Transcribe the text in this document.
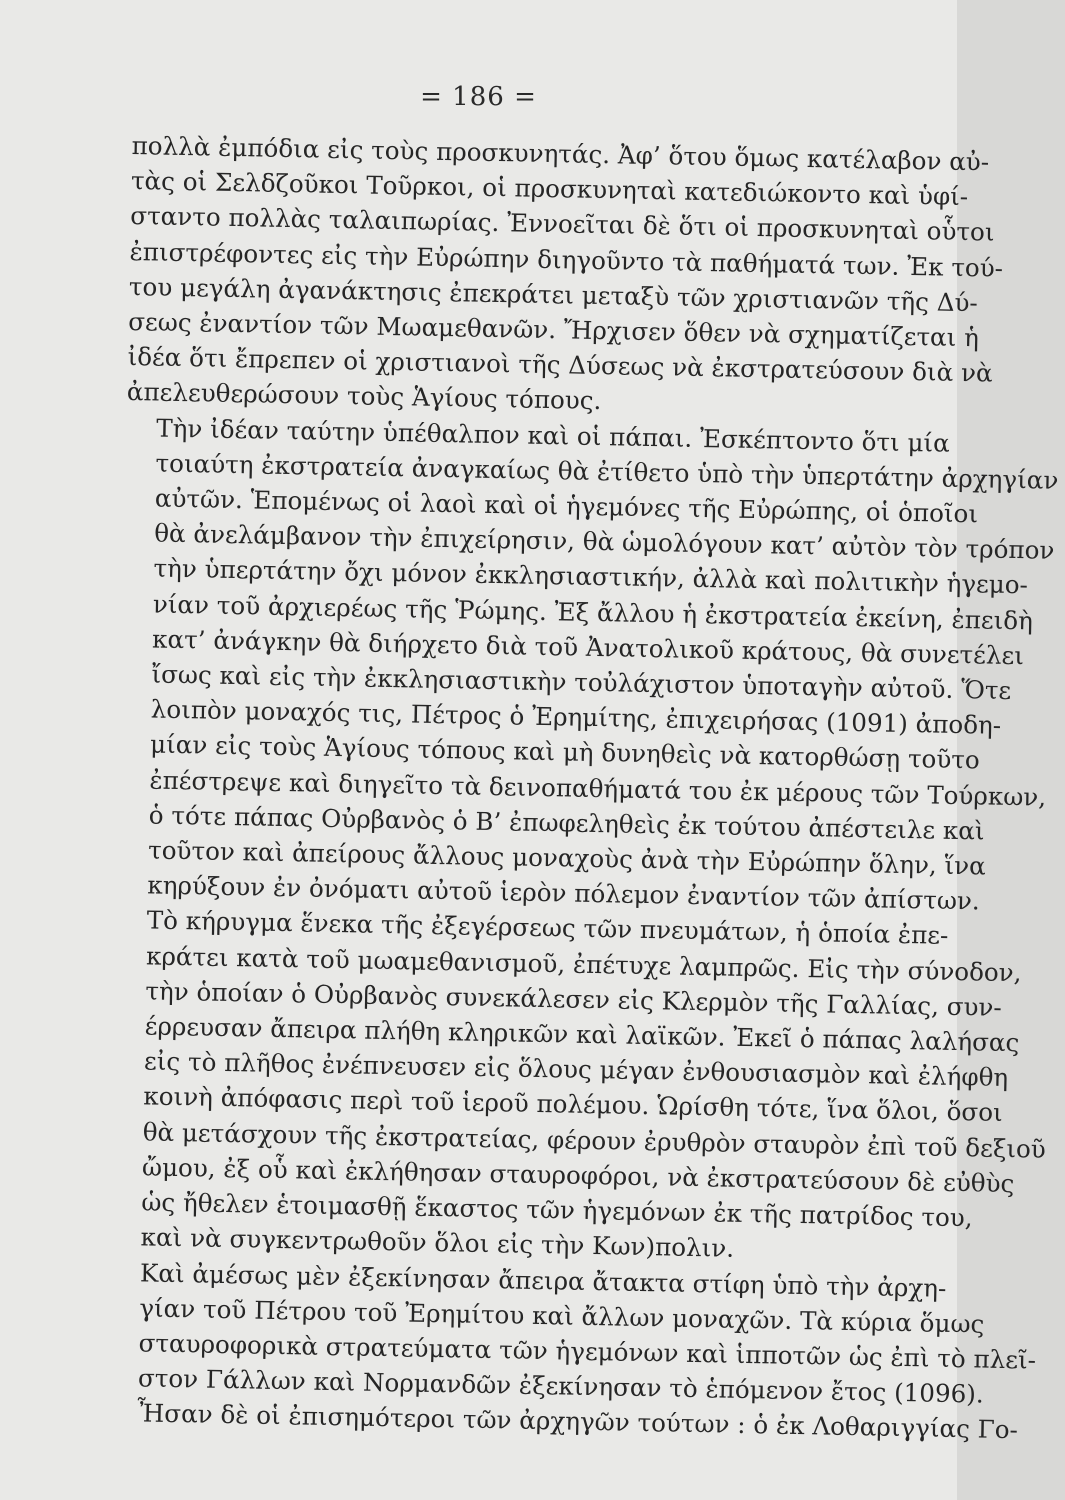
= 186 =

πολλὰ ἐμπόδια εἰς τοὺς προσκυνητάς. Ἀφ’ ὅτου ὅμως κατέλαβον αὐ-
τὰς οἱ Σελδζοῦκοι Τοῦρκοι, οἱ προσκυνηταὶ κατεδιώκοντο καὶ ὑφί-
σταντο πολλὰς ταλαιπωρίας. Ἐννοεῖται δὲ ὅτι οἱ προσκυνηταὶ οὗτοι
ἐπιστρέφοντες εἰς τὴν Εὐρώπην διηγοῦντο τὰ παθήματά των. Ἐκ τού-
του μεγάλη ἀγανάκτησις ἐπεκράτει μεταξὺ τῶν χριστιανῶν τῆς Δύ-
σεως ἐναντίον τῶν Μωαμεθανῶν. Ἤρχισεν ὅθεν νὰ σχηματίζεται ἡ
ἰδέα ὅτι ἔπρεπεν οἱ χριστιανοὶ τῆς Δύσεως νὰ ἐκστρατεύσουν διὰ νὰ
ἀπελευθερώσουν τοὺς Ἁγίους τόπους.

Τὴν ἰδέαν ταύτην ὑπέθαλπον καὶ οἱ πάπαι. Ἐσκέπτοντο ὅτι μία
τοιαύτη ἐκστρατεία ἀναγκαίως θὰ ἐτίθετο ὑπὸ τὴν ὑπερτάτην ἀρχηγίαν
αὐτῶν. Ἑπομένως οἱ λαοὶ καὶ οἱ ἡγεμόνες τῆς Εὐρώπης, οἱ ὁποῖοι
θὰ ἀνελάμβανον τὴν ἐπιχείρησιν, θὰ ὡμολόγουν κατ’ αὐτὸν τὸν τρόπον
τὴν ὑπερτάτην ὄχι μόνον ἐκκλησιαστικήν, ἀλλὰ καὶ πολιτικὴν ἡγεμο-
νίαν τοῦ ἀρχιερέως τῆς Ῥώμης. Ἐξ ἄλλου ἡ ἐκστρατεία ἐκείνη, ἐπειδὴ
κατ’ ἀνάγκην θὰ διήρχετο διὰ τοῦ Ἀνατολικοῦ κράτους, θὰ συνετέλει
ἴσως καὶ εἰς τὴν ἐκκλησιαστικὴν τοὐλάχιστον ὑποταγὴν αὐτοῦ. Ὅτε
λοιπὸν μοναχός τις, Πέτρος ὁ Ἐρημίτης, ἐπιχειρήσας (1091) ἀποδη-
μίαν εἰς τοὺς Ἁγίους τόπους καὶ μὴ δυνηθεὶς νὰ κατορθώσῃ τοῦτο
ἐπέστρεψε καὶ διηγεῖτο τὰ δεινοπαθήματά του ἐκ μέρους τῶν Τούρκων,
ὁ τότε πάπας Οὐρβανὸς ὁ Β’ ἐπωφεληθεὶς ἐκ τούτου ἀπέστειλε καὶ
τοῦτον καὶ ἀπείρους ἄλλους μοναχοὺς ἀνὰ τὴν Εὐρώπην ὅλην, ἵνα
κηρύξουν ἐν ὀνόματι αὐτοῦ ἱερὸν πόλεμον ἐναντίον τῶν ἀπίστων.

Τὸ κήρυγμα ἕνεκα τῆς ἐξεγέρσεως τῶν πνευμάτων, ἡ ὁποία ἐπε-
κράτει κατὰ τοῦ μωαμεθανισμοῦ, ἐπέτυχε λαμπρῶς. Εἰς τὴν σύνοδον,
τὴν ὁποίαν ὁ Οὐρβανὸς συνεκάλεσεν εἰς Κλερμὸν τῆς Γαλλίας, συν-
έρρευσαν ἄπειρα πλήθη κληρικῶν καὶ λαϊκῶν. Ἐκεῖ ὁ πάπας λαλήσας
εἰς τὸ πλῆθος ἐνέπνευσεν εἰς ὅλους μέγαν ἐνθουσιασμὸν καὶ ἐλήφθη
κοινὴ ἀπόφασις περὶ τοῦ ἱεροῦ πολέμου. Ὡρίσθη τότε, ἵνα ὅλοι, ὅσοι
θὰ μετάσχουν τῆς ἐκστρατείας, φέρουν ἐρυθρὸν σταυρὸν ἐπὶ τοῦ δεξιοῦ
ὤμου, ἐξ οὗ καὶ ἐκλήθησαν σταυροφόροι, νὰ ἐκστρατεύσουν δὲ εὐθὺς
ὡς ἤθελεν ἑτοιμασθῇ ἕκαστος τῶν ἡγεμόνων ἐκ τῆς πατρίδος του,
καὶ νὰ συγκεντρωθοῦν ὅλοι εἰς τὴν Κων)πολιν.

Καὶ ἀμέσως μὲν ἐξεκίνησαν ἄπειρα ἄτακτα στίφη ὑπὸ τὴν ἀρχη-
γίαν τοῦ Πέτρου τοῦ Ἐρημίτου καὶ ἄλλων μοναχῶν. Τὰ κύρια ὅμως
σταυροφορικὰ στρατεύματα τῶν ἡγεμόνων καὶ ἱπποτῶν ὡς ἐπὶ τὸ πλεῖ-
στον Γάλλων καὶ Νορμανδῶν ἐξεκίνησαν τὸ ἑπόμενον ἔτος (1096).
Ἦσαν δὲ οἱ ἐπισημότεροι τῶν ἀρχηγῶν τούτων : ὁ ἐκ Λοθαριγγίας Γο-
